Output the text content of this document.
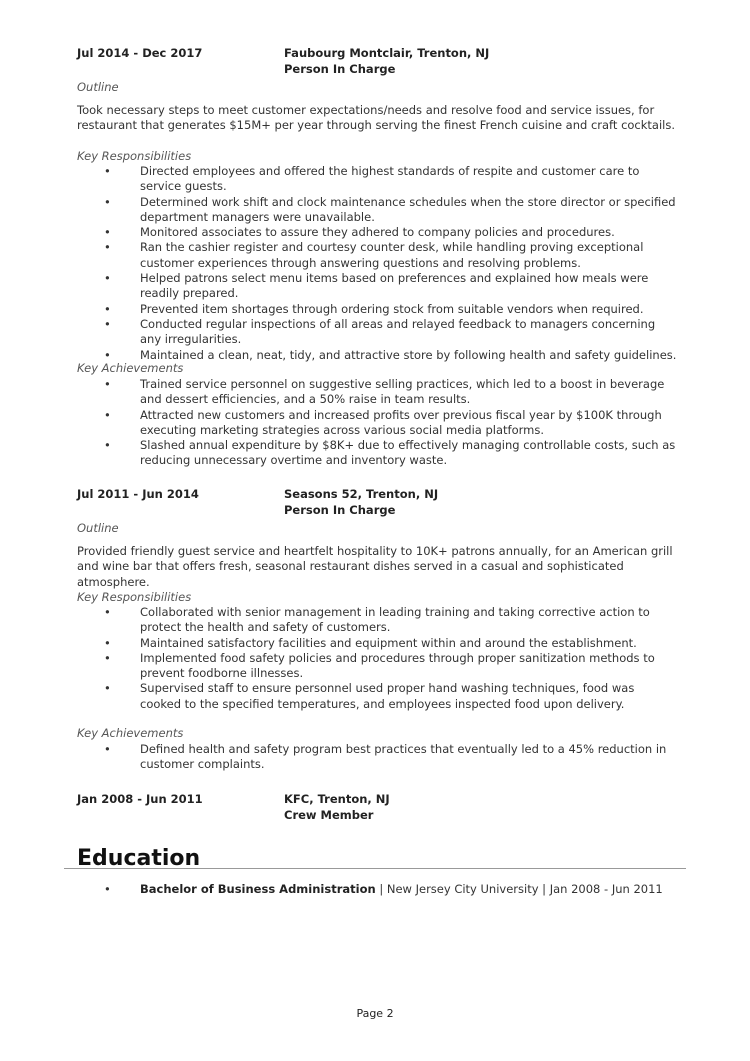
Jul 2014 - Dec 2017	Faubourg Montclair, Trenton, NJ
Person In Charge
Outline
Took necessary steps to meet customer expectations/needs and resolve food and service issues, for restaurant that generates $15M+ per year through serving the finest French cuisine and craft cocktails.
Key Responsibilities
• Directed employees and offered the highest standards of respite and customer care to service guests.
• Determined work shift and clock maintenance schedules when the store director or specified department managers were unavailable.
• Monitored associates to assure they adhered to company policies and procedures.
• Ran the cashier register and courtesy counter desk, while handling proving exceptional customer experiences through answering questions and resolving problems.
• Helped patrons select menu items based on preferences and explained how meals were readily prepared.
• Prevented item shortages through ordering stock from suitable vendors when required.
• Conducted regular inspections of all areas and relayed feedback to managers concerning any irregularities.
• Maintained a clean, neat, tidy, and attractive store by following health and safety guidelines.
Key Achievements
• Trained service personnel on suggestive selling practices, which led to a boost in beverage and dessert efficiencies, and a 50% raise in team results.
• Attracted new customers and increased profits over previous fiscal year by $100K through executing marketing strategies across various social media platforms.
• Slashed annual expenditure by $8K+ due to effectively managing controllable costs, such as reducing unnecessary overtime and inventory waste.
Jul 2011 - Jun 2014	Seasons 52, Trenton, NJ
Person In Charge
Outline
Provided friendly guest service and heartfelt hospitality to 10K+ patrons annually, for an American grill and wine bar that offers fresh, seasonal restaurant dishes served in a casual and sophisticated atmosphere.
Key Responsibilities
• Collaborated with senior management in leading training and taking corrective action to protect the health and safety of customers.
• Maintained satisfactory facilities and equipment within and around the establishment.
• Implemented food safety policies and procedures through proper sanitization methods to prevent foodborne illnesses.
• Supervised staff to ensure personnel used proper hand washing techniques, food was cooked to the specified temperatures, and employees inspected food upon delivery.
Key Achievements
• Defined health and safety program best practices that eventually led to a 45% reduction in customer complaints.
Jan 2008 - Jun 2011	KFC, Trenton, NJ
Crew Member
Education
• Bachelor of Business Administration | New Jersey City University | Jan 2008 - Jun 2011
Page 2
